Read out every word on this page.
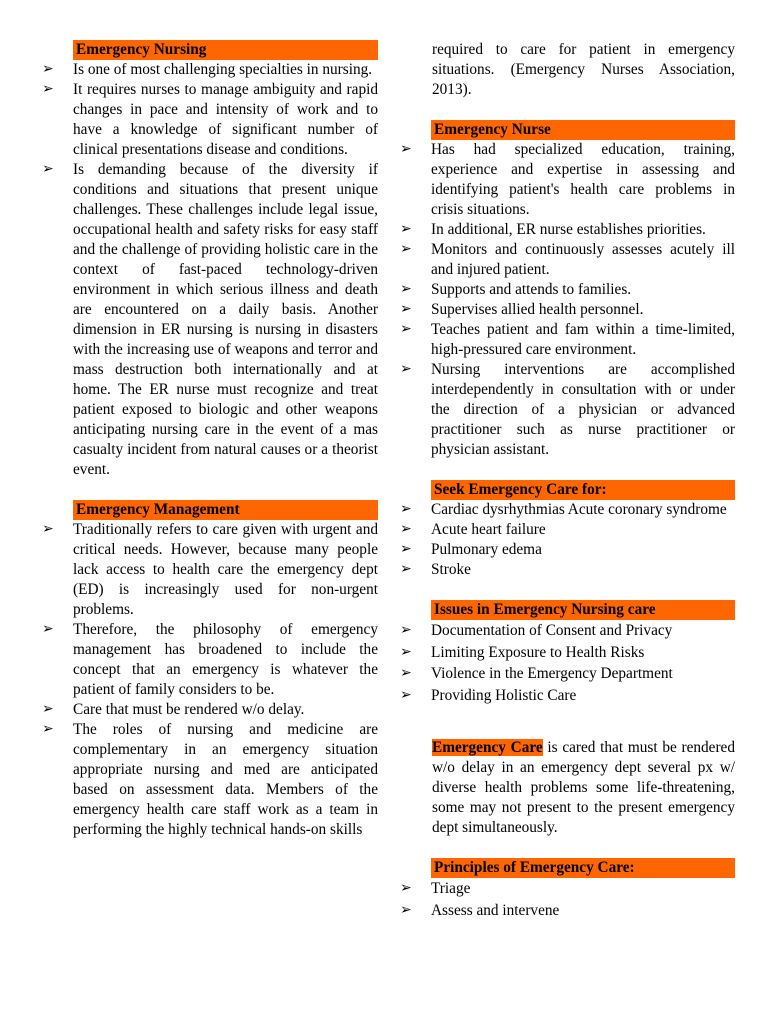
Emergency Nursing
➢	Is one of most challenging specialties in nursing.
➢	It requires nurses to manage ambiguity and rapid changes in pace and intensity of work and to have a knowledge of significant number of clinical presentations disease and conditions.
➢	Is demanding because of the diversity if conditions and situations that present unique challenges. These challenges include legal issue, occupational health and safety risks for easy staff and the challenge of providing holistic care in the context of fast-paced technology-driven environment in which serious illness and death are encountered on a daily basis. Another dimension in ER nursing is nursing in disasters with the increasing use of weapons and terror and mass destruction both internationally and at home. The ER nurse must recognize and treat patient exposed to biologic and other weapons anticipating nursing care in the event of a mas casualty incident from natural causes or a theorist event.
Emergency Management
➢	Traditionally refers to care given with urgent and critical needs. However, because many people lack access to health care the emergency dept (ED) is increasingly used for non-urgent problems.
➢	Therefore, the philosophy of emergency management has broadened to include the concept that an emergency is whatever the patient of family considers to be.
➢	Care that must be rendered w/o delay.
➢	The roles of nursing and medicine are complementary in an emergency situation appropriate nursing and med are anticipated based on assessment data. Members of the emergency health care staff work as a team in performing the highly technical hands-on skills
required to care for patient in emergency situations. (Emergency Nurses Association, 2013).
Emergency Nurse
➢	Has had specialized education, training, experience and expertise in assessing and identifying patient's health care problems in crisis situations.
➢	In additional, ER nurse establishes priorities.
➢	Monitors and continuously assesses acutely ill and injured patient.
➢	Supports and attends to families.
➢	Supervises allied health personnel.
➢	Teaches patient and fam within a time-limited, high-pressured care environment.
➢	Nursing interventions are accomplished interdependently in consultation with or under the direction of a physician or advanced practitioner such as nurse practitioner or physician assistant.
Seek Emergency Care for:
➢	Cardiac dysrhythmias Acute coronary syndrome
➢	Acute heart failure
➢	Pulmonary edema
➢	Stroke
Issues in Emergency Nursing care
➢	Documentation of Consent and Privacy
➢	Limiting Exposure to Health Risks
➢	Violence in the Emergency Department
➢	Providing Holistic Care
Emergency Care is cared that must be rendered w/o delay in an emergency dept several px w/ diverse health problems some life-threatening, some may not present to the present emergency dept simultaneously.
Principles of Emergency Care:
➢	Triage
➢	Assess and intervene
